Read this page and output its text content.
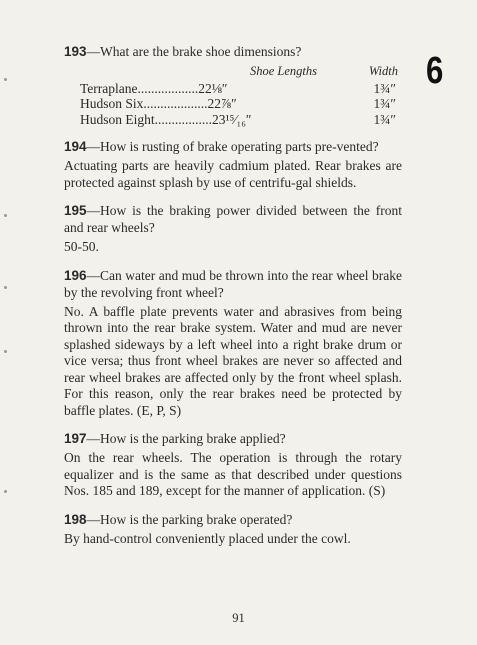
6

193—What are the brake shoe dimensions?

Shoe Lengths	Width
Terraplane .................. 22⅛″	1¾″
Hudson Six ................... 22⅞″	1¾″
Hudson Eight ................. 23¹⁵⁄₁₆″	1¾″

194—How is rusting of brake operating parts pre-vented?

Actuating parts are heavily cadmium plated. Rear brakes are protected against splash by use of centrifu-gal shields.

195—How is the braking power divided between the front and rear wheels?

50-50.

196—Can water and mud be thrown into the rear wheel brake by the revolving front wheel?

No. A baffle plate prevents water and abrasives from being thrown into the rear brake system. Water and mud are never splashed sideways by a left wheel into a right brake drum or vice versa; thus front wheel brakes are never so affected and rear wheel brakes are affected only by the front wheel splash. For this reason, only the rear brakes need be protected by baffle plates. (E, P, S)

197—How is the parking brake applied?

On the rear wheels. The operation is through the rotary equalizer and is the same as that described under questions Nos. 185 and 189, except for the manner of application. (S)

198—How is the parking brake operated?

By hand-control conveniently placed under the cowl.

91
